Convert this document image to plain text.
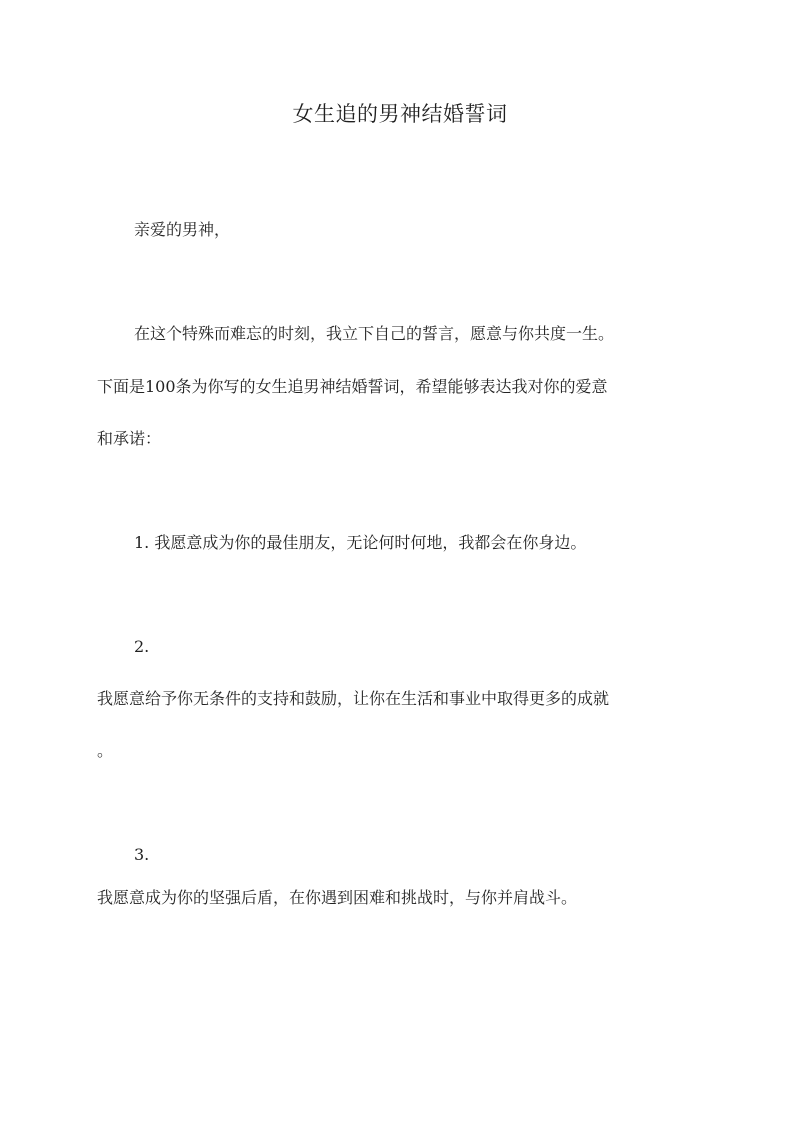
女生追的男神结婚誓词
亲爱的男神，
在这个特殊而难忘的时刻，我立下自己的誓言，愿意与你共度一生。
下面是100条为你写的女生追男神结婚誓词，希望能够表达我对你的爱意
和承诺：
1. 我愿意成为你的最佳朋友，无论何时何地，我都会在你身边。
2.
我愿意给予你无条件的支持和鼓励，让你在生活和事业中取得更多的成就
。
3.
我愿意成为你的坚强后盾，在你遇到困难和挑战时，与你并肩战斗。
